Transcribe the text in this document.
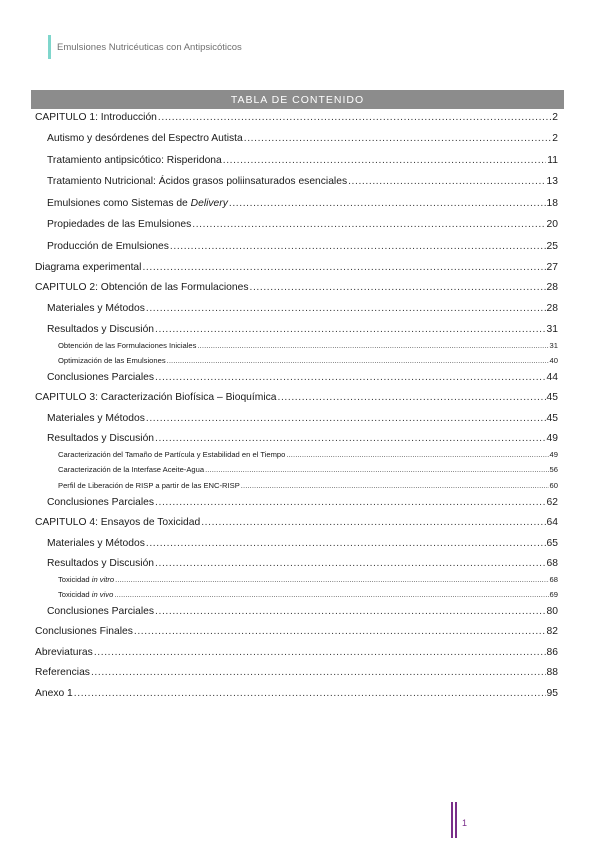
Emulsiones Nutricéuticas con Antipsicóticos
TABLA DE CONTENIDO
CAPITULO 1: Introducción .....	2
Autismo y desórdenes del Espectro Autista .....	2
Tratamiento antipsicótico: Risperidona .....	11
Tratamiento Nutricional: Ácidos grasos poliinsaturados esenciales .....	13
Emulsiones como Sistemas de Delivery .....	18
Propiedades de las Emulsiones .....	20
Producción de Emulsiones .....	25
Diagrama experimental .....	27
CAPITULO 2: Obtención de las Formulaciones .....	28
Materiales y Métodos .....	28
Resultados y Discusión .....	31
Obtención de las Formulaciones Iniciales .....	31
Optimización de las Emulsiones .....	40
Conclusiones Parciales .....	44
CAPITULO 3: Caracterización Biofísica – Bioquímica .....	45
Materiales y Métodos .....	45
Resultados y Discusión .....	49
Caracterización del Tamaño de Partícula y Estabilidad en el Tiempo .....	49
Caracterización de la Interfase Aceite-Agua .....	56
Perfil de Liberación de RISP a partir de las ENC-RISP .....	60
Conclusiones Parciales .....	62
CAPITULO 4: Ensayos de Toxicidad .....	64
Materiales y Métodos .....	65
Resultados y Discusión .....	68
Toxicidad in vitro .....	68
Toxicidad in vivo .....	69
Conclusiones Parciales .....	80
Conclusiones Finales .....	82
Abreviaturas .....	86
Referencias .....	88
Anexo 1 .....	95
1
